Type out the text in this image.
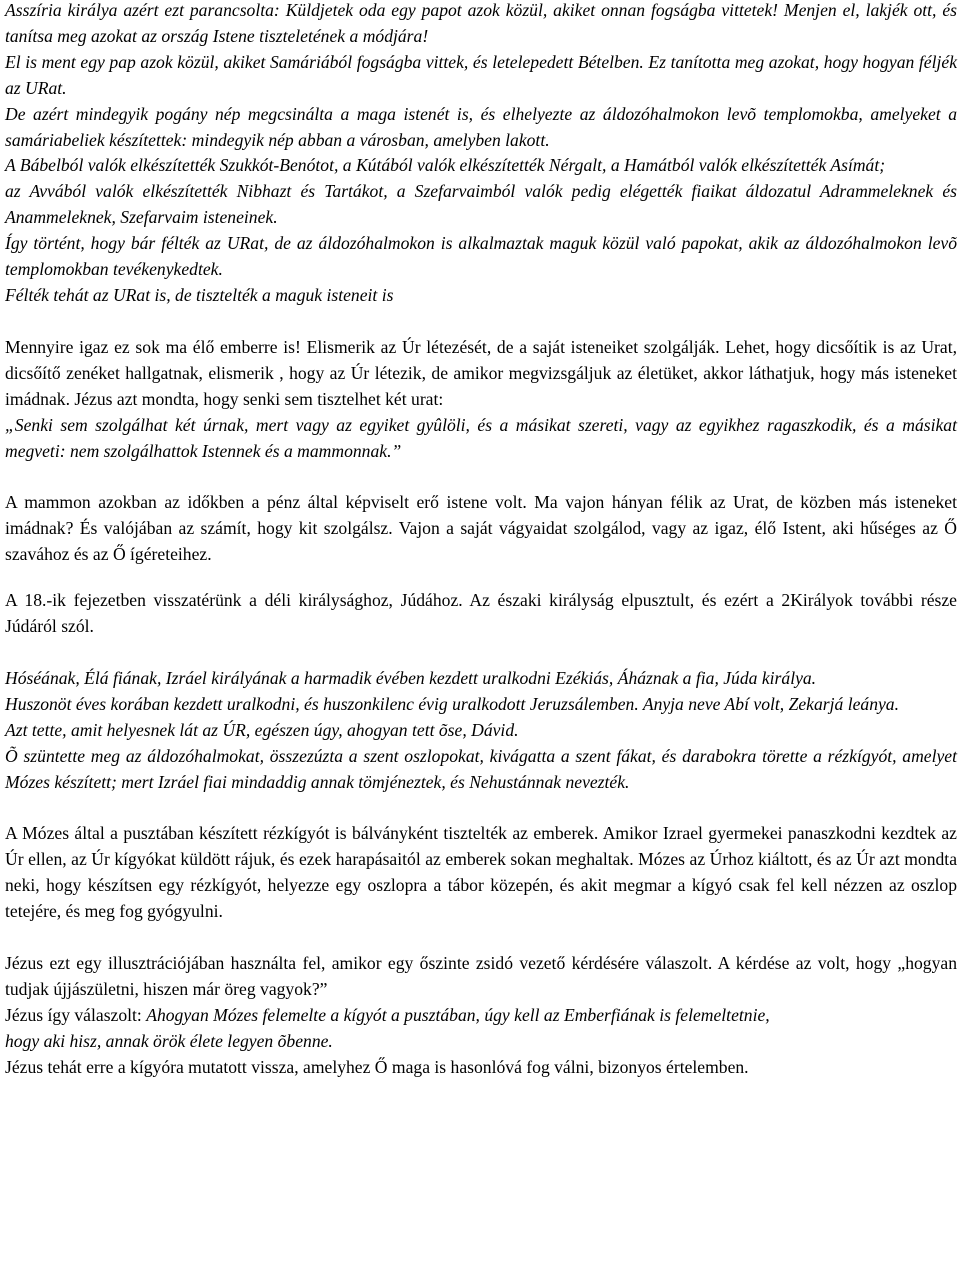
Asszíria királya azért ezt parancsolta: Küldjetek oda egy papot azok közül, akiket onnan fogságba vittetek! Menjen el, lakjék ott, és tanítsa meg azokat az ország Istene tiszteletének a módjára!

El is ment egy pap azok közül, akiket Samáriából fogságba vittek, és letelepedett Bételben. Ez tanította meg azokat, hogy hogyan féljék az URat.

De azért mindegyik pogány nép megcsinálta a maga istenét is, és elhelyezte az áldozóhalmokon levõ templomokba, amelyeket a samáriabeliek készítettek: mindegyik nép abban a városban, amelyben lakott.

A Bábelból valók elkészítették Szukkót-Benótot, a Kútából valók elkészítették Nérgalt, a Hamátból valók elkészítették Asímát;

az Avvából valók elkészítették Nibhazt és Tartákot, a Szefarvaimból valók pedig elégették fiaikat áldozatul Adrammeleknek és Anammeleknek, Szefarvaim isteneinek.

Így történt, hogy bár félték az URat, de az áldozóhalmokon is alkalmaztak maguk közül való papokat, akik az áldozóhalmokon levõ templomokban tevékenykedtek.

Félték tehát az URat is, de tisztelték a maguk isteneit is

Mennyire igaz ez sok ma élő emberre is! Elismerik az Úr létezését, de a saját isteneiket szolgálják. Lehet, hogy dicsőítik is az Urat, dicsőítő zenéket hallgatnak, elismerik , hogy az Úr létezik, de amikor megvizsgáljuk az életüket, akkor láthatjuk, hogy más isteneket imádnak. Jézus azt mondta, hogy senki sem tisztelhet két urat:

„Senki sem szolgálhat két úrnak, mert vagy az egyiket gyûlöli, és a másikat szereti, vagy az egyikhez ragaszkodik, és a másikat megveti: nem szolgálhattok Istennek és a mammonnak.”

A mammon azokban az időkben a pénz által képviselt erő istene volt. Ma vajon hányan félik az Urat, de közben más isteneket imádnak? És valójában az számít, hogy kit szolgálsz. Vajon a saját vágyaidat szolgálod, vagy az igaz, élő Istent, aki hűséges az Ő szavához és az Ő ígéreteihez.

A 18.-ik fejezetben visszatérünk a déli királysághoz, Júdához. Az északi királyság elpusztult, és ezért a 2Királyok további része Júdáról szól.

Hóséának, Élá fiának, Izráel királyának a harmadik évében kezdett uralkodni Ezékiás, Áháznak a fia, Júda királya.

Huszonöt éves korában kezdett uralkodni, és huszonkilenc évig uralkodott Jeruzsálemben. Anyja neve Abí volt, Zekarjá leánya.

Azt tette, amit helyesnek lát az ÚR, egészen úgy, ahogyan tett õse, Dávid.

Õ szüntette meg az áldozóhalmokat, összezúzta a szent oszlopokat, kivágatta a szent fákat, és darabokra törette a rézkígyót, amelyet Mózes készített; mert Izráel fiai mindaddig annak tömjéneztek, és Nehustánnak nevezték.

A Mózes által a pusztában készített rézkígyót is bálványként tisztelték az emberek. Amikor Izrael gyermekei panaszkodni kezdtek az Úr ellen, az Úr kígyókat küldött rájuk, és ezek harapásaitól az emberek sokan meghaltak. Mózes az Úrhoz kiáltott, és az Úr azt mondta neki, hogy készítsen egy rézkígyót, helyezze egy oszlopra a tábor közepén, és akit megmar a kígyó csak fel kell nézzen az oszlop tetejére, és meg fog gyógyulni.

Jézus ezt egy illusztrációjában használta fel, amikor egy őszinte zsidó vezető kérdésére válaszolt. A kérdése az volt, hogy „hogyan tudjak újjászületni, hiszen már öreg vagyok?”

Jézus így válaszolt: Ahogyan Mózes felemelte a kígyót a pusztában, úgy kell az Emberfiának is felemeltetnie,

hogy aki hisz, annak örök élete legyen õbenne.

Jézus tehát erre a kígyóra mutatott vissza, amelyhez Ő maga is hasonlóvá fog válni, bizonyos értelemben.
